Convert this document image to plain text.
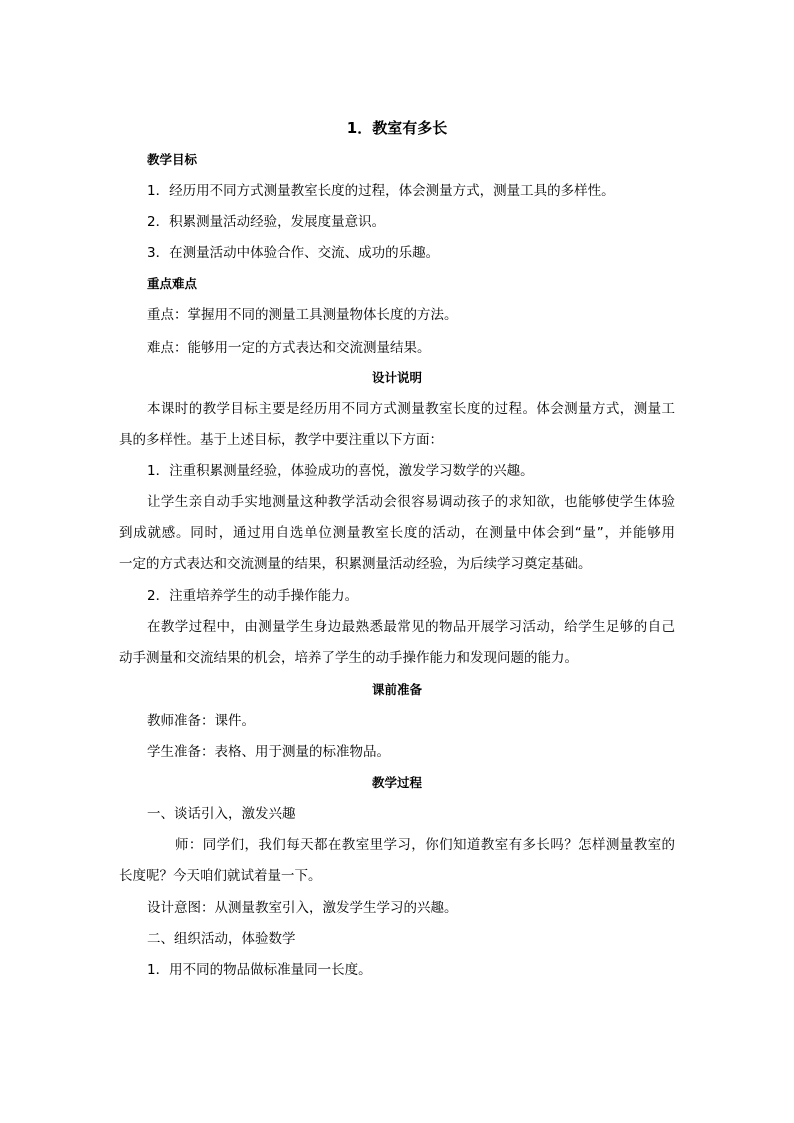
1．教室有多长
教学目标
1．经历用不同方式测量教室长度的过程，体会测量方式，测量工具的多样性。
2．积累测量活动经验，发展度量意识。
3．在测量活动中体验合作、交流、成功的乐趣。
重点难点
重点：掌握用不同的测量工具测量物体长度的方法。
难点：能够用一定的方式表达和交流测量结果。
设计说明
本课时的教学目标主要是经历用不同方式测量教室长度的过程。体会测量方式，测量工
具的多样性。基于上述目标，教学中要注重以下方面：
1．注重积累测量经验，体验成功的喜悦，激发学习数学的兴趣。
让学生亲自动手实地测量这种教学活动会很容易调动孩子的求知欲，也能够使学生体验
到成就感。同时，通过用自选单位测量教室长度的活动，在测量中体会到“量”，并能够用
一定的方式表达和交流测量的结果，积累测量活动经验，为后续学习奠定基础。
2．注重培养学生的动手操作能力。
在教学过程中，由测量学生身边最熟悉最常见的物品开展学习活动，给学生足够的自己
动手测量和交流结果的机会，培养了学生的动手操作能力和发现问题的能力。
课前准备
教师准备：课件。
学生准备：表格、用于测量的标准物品。
教学过程
一、谈话引入，激发兴趣
师：同学们，我们每天都在教室里学习，你们知道教室有多长吗？怎样测量教室的
长度呢？今天咱们就试着量一下。
设计意图：从测量教室引入，激发学生学习的兴趣。
二、组织活动，体验数学
1．用不同的物品做标准量同一长度。
